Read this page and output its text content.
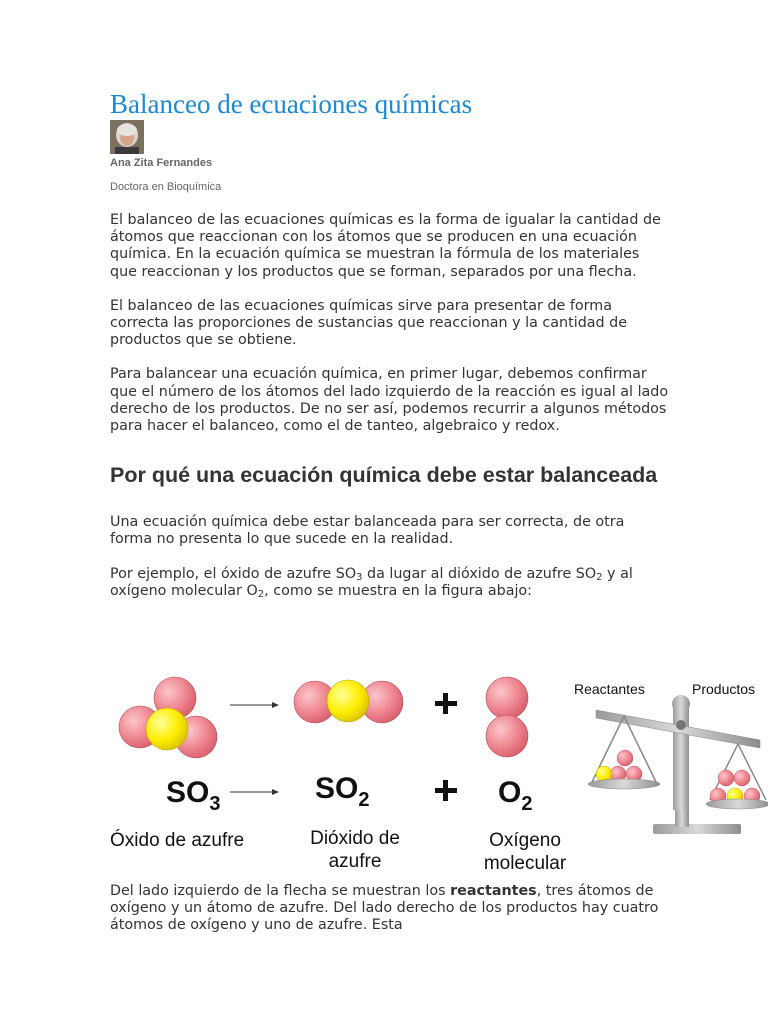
Balanceo de ecuaciones químicas
Ana Zita Fernandes
Doctora en Bioquímica

El balanceo de las ecuaciones químicas es la forma de igualar la cantidad de átomos que reaccionan con los átomos que se producen en una ecuación química. En la ecuación química se muestran la fórmula de los materiales que reaccionan y los productos que se forman, separados por una flecha.

El balanceo de las ecuaciones químicas sirve para presentar de forma correcta las proporciones de sustancias que reaccionan y la cantidad de productos que se obtiene.

Para balancear una ecuación química, en primer lugar, debemos confirmar que el número de los átomos del lado izquierdo de la reacción es igual al lado derecho de los productos. De no ser así, podemos recurrir a algunos métodos para hacer el balanceo, como el de tanteo, algebraico y redox.

Por qué una ecuación química debe estar balanceada

Una ecuación química debe estar balanceada para ser correcta, de otra forma no presenta lo que sucede en la realidad.

Por ejemplo, el óxido de azufre $SO_3$ da lugar al dióxido de azufre $SO_2$ y al oxígeno molecular $O_2$, como se muestra en la figura abajo:

$SO_3$	$SO_2$	$O_2$
Óxido de azufre	Dióxido de
azufre
Oxígeno
molecular
Reactantes	Productos

Del lado izquierdo de la flecha se muestran los reactantes, tres átomos de oxígeno y un átomo de azufre. Del lado derecho de los productos hay cuatro átomos de oxígeno y uno de azufre. Esta
